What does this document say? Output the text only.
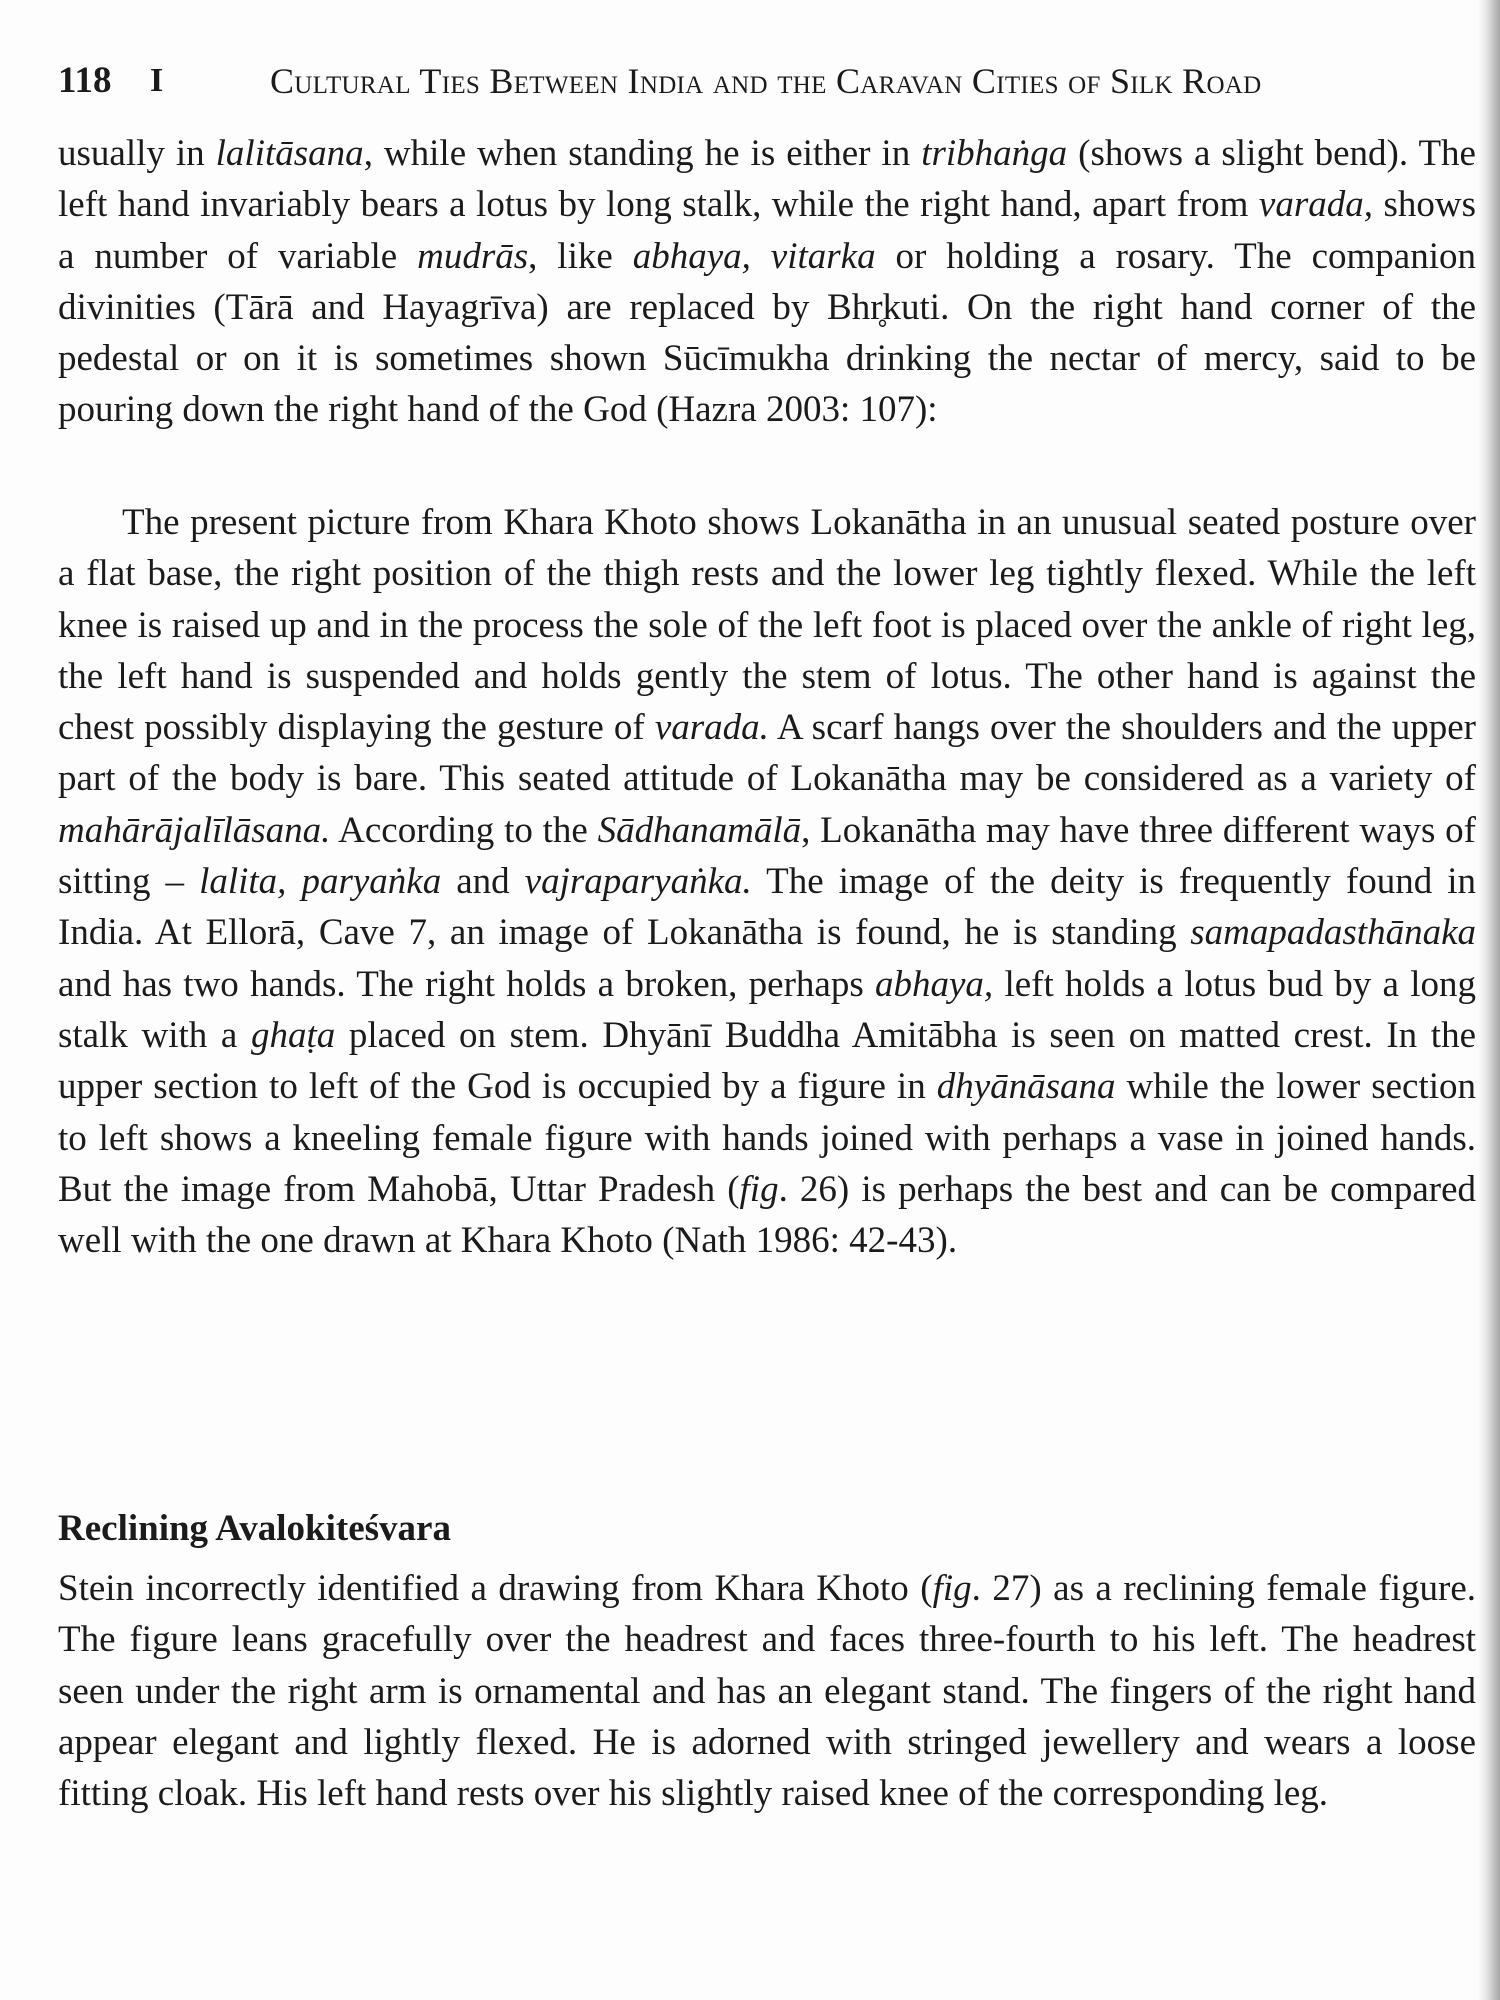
118 I	Cultural Ties Between India and the Caravan Cities of Silk Road

usually in lalitāsana, while when standing he is either in tribhaṅga (shows a slight bend). The left hand invariably bears a lotus by long stalk, while the right hand, apart from varada, shows a number of variable mudrās, like abhaya, vitarka or holding a rosary. The companion divinities (Tārā and Hayagrīva) are replaced by Bhr̥kuti. On the right hand corner of the pedestal or on it is sometimes shown Sūcīmukha drinking the nectar of mercy, said to be pouring down the right hand of the God (Hazra 2003: 107):

The present picture from Khara Khoto shows Lokanātha in an unusual seated posture over a flat base, the right position of the thigh rests and the lower leg tightly flexed. While the left knee is raised up and in the process the sole of the left foot is placed over the ankle of right leg, the left hand is suspended and holds gently the stem of lotus. The other hand is against the chest possibly displaying the gesture of varada. A scarf hangs over the shoulders and the upper part of the body is bare. This seated attitude of Lokanātha may be considered as a variety of mahārājalīlāsana. According to the Sādhanamālā, Lokanātha may have three different ways of sitting – lalita, paryaṅka and vajraparyaṅka. The image of the deity is frequently found in India. At Ellorā, Cave 7, an image of Lokanātha is found, he is standing samapadasthānaka and has two hands. The right holds a broken, perhaps abhaya, left holds a lotus bud by a long stalk with a ghaṭa placed on stem. Dhyānī Buddha Amitābha is seen on matted crest. In the upper section to left of the God is occupied by a figure in dhyānāsana while the lower section to left shows a kneeling female figure with hands joined with perhaps a vase in joined hands. But the image from Mahobā, Uttar Pradesh (fig. 26) is perhaps the best and can be compared well with the one drawn at Khara Khoto (Nath 1986: 42-43).

Reclining Avalokiteśvara

Stein incorrectly identified a drawing from Khara Khoto (fig. 27) as a reclining female figure. The figure leans gracefully over the headrest and faces three-fourth to his left. The headrest seen under the right arm is ornamental and has an elegant stand. The fingers of the right hand appear elegant and lightly flexed. He is adorned with stringed jewellery and wears a loose fitting cloak. His left hand rests over his slightly raised knee of the corresponding leg.
